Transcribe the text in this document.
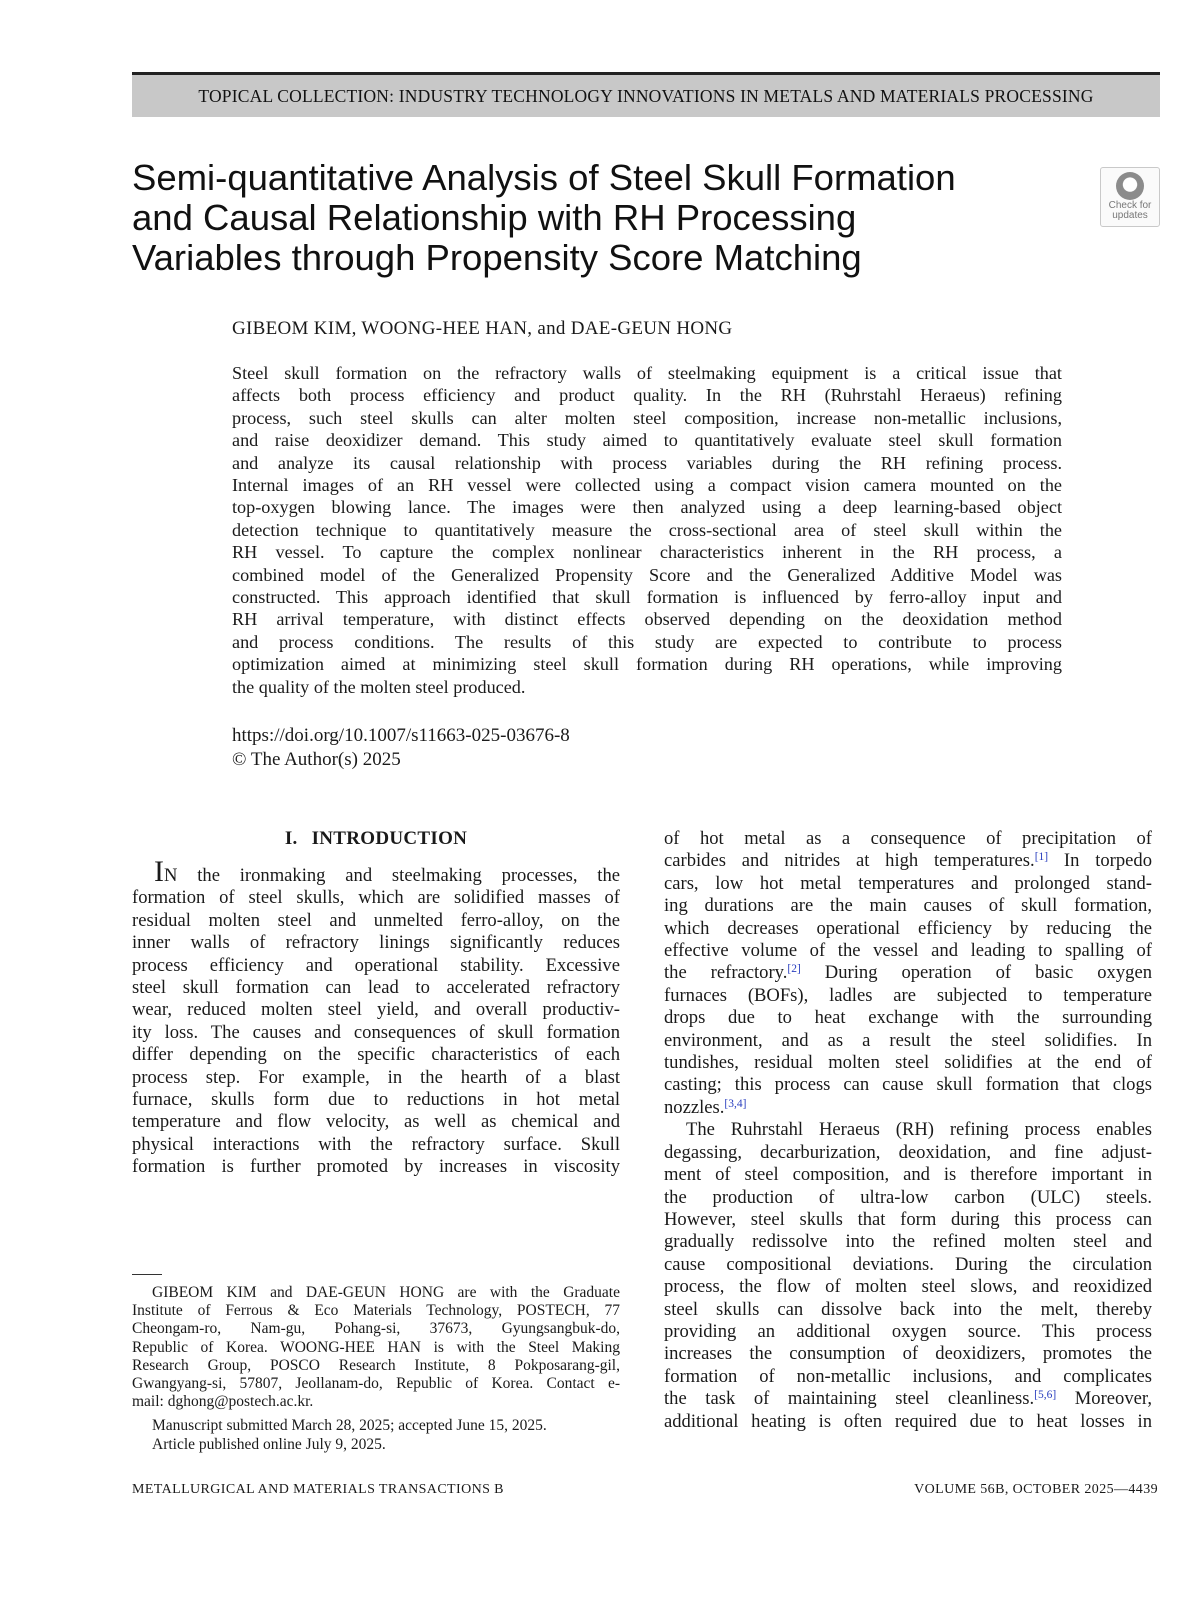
TOPICAL COLLECTION: INDUSTRY TECHNOLOGY INNOVATIONS IN METALS AND MATERIALS PROCESSING
Semi-quantitative Analysis of Steel Skull Formation
and Causal Relationship with RH Processing
Variables through Propensity Score Matching
Check for
updates
GIBEOM KIM, WOONG-HEE HAN, and DAE-GEUN HONG
Steel skull formation on the refractory walls of steelmaking equipment is a critical issue that
affects both process efficiency and product quality. In the RH (Ruhrstahl Heraeus) refining
process, such steel skulls can alter molten steel composition, increase non-metallic inclusions,
and raise deoxidizer demand. This study aimed to quantitatively evaluate steel skull formation
and analyze its causal relationship with process variables during the RH refining process.
Internal images of an RH vessel were collected using a compact vision camera mounted on the
top-oxygen blowing lance. The images were then analyzed using a deep learning-based object
detection technique to quantitatively measure the cross-sectional area of steel skull within the
RH vessel. To capture the complex nonlinear characteristics inherent in the RH process, a
combined model of the Generalized Propensity Score and the Generalized Additive Model was
constructed. This approach identified that skull formation is influenced by ferro-alloy input and
RH arrival temperature, with distinct effects observed depending on the deoxidation method
and process conditions. The results of this study are expected to contribute to process
optimization aimed at minimizing steel skull formation during RH operations, while improving
the quality of the molten steel produced.
https://doi.org/10.1007/s11663-025-03676-8
© The Author(s) 2025
I. INTRODUCTION
IN the ironmaking and steelmaking processes, the
formation of steel skulls, which are solidified masses of
residual molten steel and unmelted ferro-alloy, on the
inner walls of refractory linings significantly reduces
process efficiency and operational stability. Excessive
steel skull formation can lead to accelerated refractory
wear, reduced molten steel yield, and overall productiv-
ity loss. The causes and consequences of skull formation
differ depending on the specific characteristics of each
process step. For example, in the hearth of a blast
furnace, skulls form due to reductions in hot metal
temperature and flow velocity, as well as chemical and
physical interactions with the refractory surface. Skull
formation is further promoted by increases in viscosity
of hot metal as a consequence of precipitation of
carbides and nitrides at high temperatures.[1] In torpedo
cars, low hot metal temperatures and prolonged stand-
ing durations are the main causes of skull formation,
which decreases operational efficiency by reducing the
effective volume of the vessel and leading to spalling of
the refractory.[2] During operation of basic oxygen
furnaces (BOFs), ladles are subjected to temperature
drops due to heat exchange with the surrounding
environment, and as a result the steel solidifies. In
tundishes, residual molten steel solidifies at the end of
casting; this process can cause skull formation that clogs
nozzles.[3,4]
The Ruhrstahl Heraeus (RH) refining process enables
degassing, decarburization, deoxidation, and fine adjust-
ment of steel composition, and is therefore important in
the production of ultra-low carbon (ULC) steels.
However, steel skulls that form during this process can
gradually redissolve into the refined molten steel and
cause compositional deviations. During the circulation
process, the flow of molten steel slows, and reoxidized
steel skulls can dissolve back into the melt, thereby
providing an additional oxygen source. This process
increases the consumption of deoxidizers, promotes the
formation of non-metallic inclusions, and complicates
the task of maintaining steel cleanliness.[5,6] Moreover,
additional heating is often required due to heat losses in
GIBEOM KIM and DAE-GEUN HONG are with the Graduate
Institute of Ferrous & Eco Materials Technology, POSTECH, 77
Cheongam-ro, Nam-gu, Pohang-si, 37673, Gyungsangbuk-do,
Republic of Korea. WOONG-HEE HAN is with the Steel Making
Research Group, POSCO Research Institute, 8 Pokposarang-gil,
Gwangyang-si, 57807, Jeollanam-do, Republic of Korea. Contact e-
mail: dghong@postech.ac.kr.
Manuscript submitted March 28, 2025; accepted June 15, 2025.
Article published online July 9, 2025.
METALLURGICAL AND MATERIALS TRANSACTIONS B	VOLUME 56B, OCTOBER 2025—4439
